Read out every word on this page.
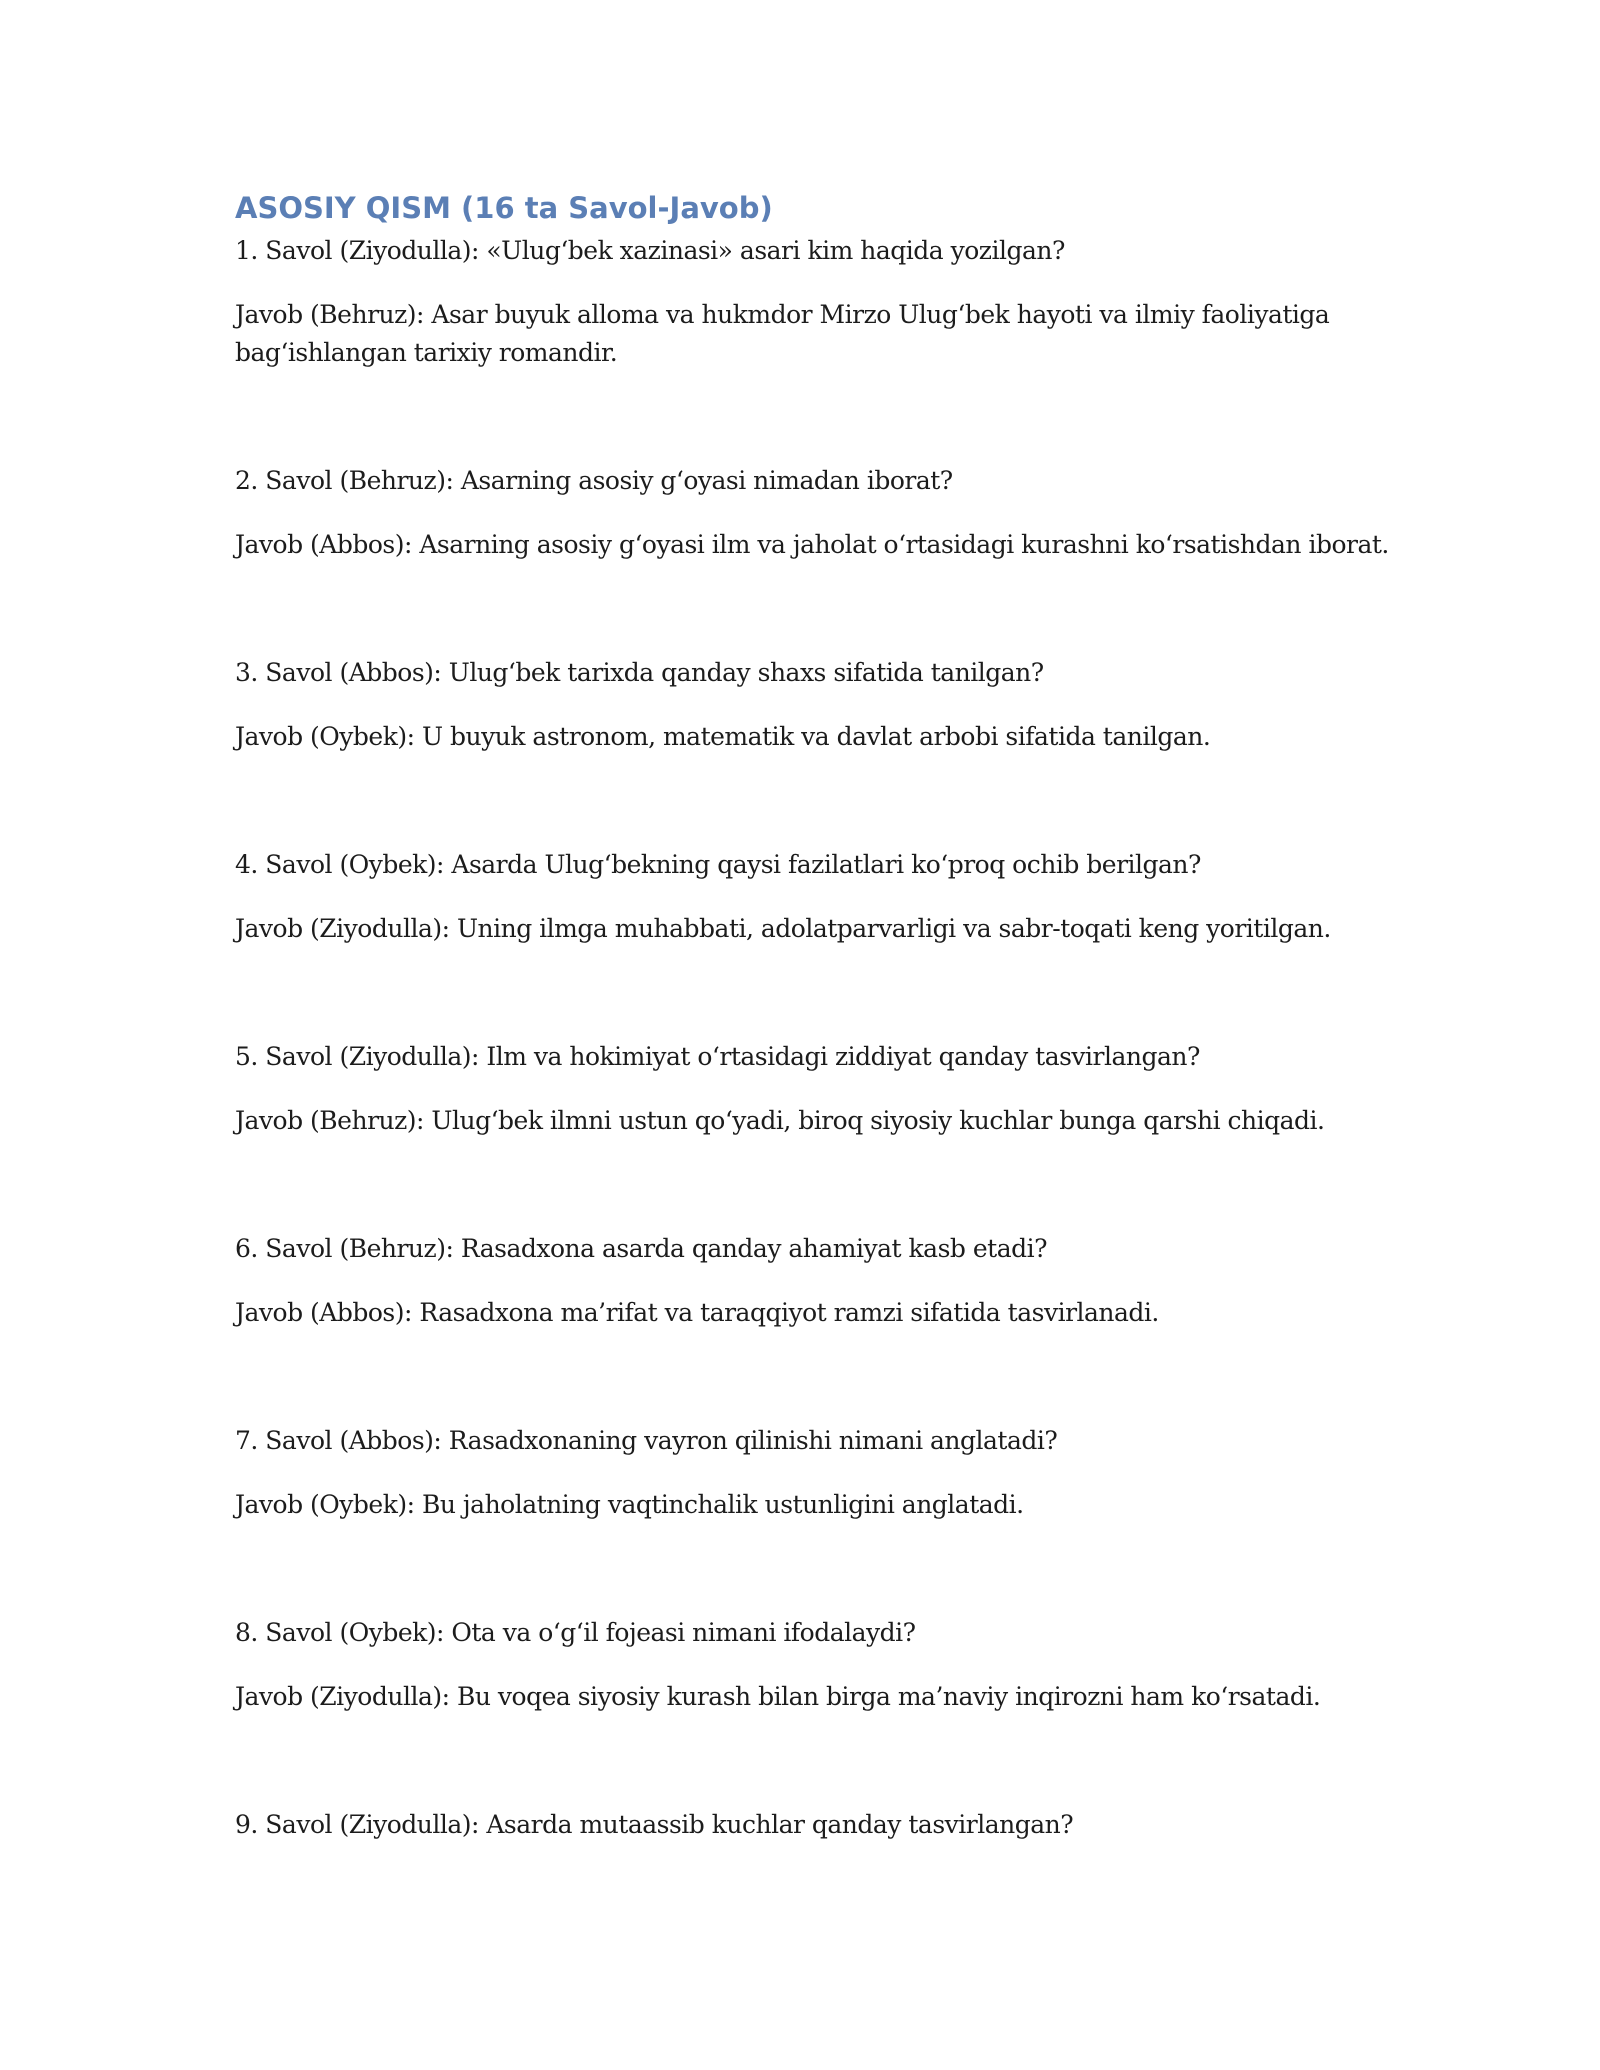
ASOSIY QISM (16 ta Savol-Javob)

1. Savol (Ziyodulla): «Ulug‘bek xazinasi» asari kim haqida yozilgan?

Javob (Behruz): Asar buyuk alloma va hukmdor Mirzo Ulug‘bek hayoti va ilmiy faoliyatiga

bag‘ishlangan tarixiy romandir.

2. Savol (Behruz): Asarning asosiy g‘oyasi nimadan iborat?

Javob (Abbos): Asarning asosiy g‘oyasi ilm va jaholat o‘rtasidagi kurashni ko‘rsatishdan iborat.

3. Savol (Abbos): Ulug‘bek tarixda qanday shaxs sifatida tanilgan?

Javob (Oybek): U buyuk astronom, matematik va davlat arbobi sifatida tanilgan.

4. Savol (Oybek): Asarda Ulug‘bekning qaysi fazilatlari ko‘proq ochib berilgan?

Javob (Ziyodulla): Uning ilmga muhabbati, adolatparvarligi va sabr-toqati keng yoritilgan.

5. Savol (Ziyodulla): Ilm va hokimiyat o‘rtasidagi ziddiyat qanday tasvirlangan?

Javob (Behruz): Ulug‘bek ilmni ustun qo‘yadi, biroq siyosiy kuchlar bunga qarshi chiqadi.

6. Savol (Behruz): Rasadxona asarda qanday ahamiyat kasb etadi?

Javob (Abbos): Rasadxona ma’rifat va taraqqiyot ramzi sifatida tasvirlanadi.

7. Savol (Abbos): Rasadxonaning vayron qilinishi nimani anglatadi?

Javob (Oybek): Bu jaholatning vaqtinchalik ustunligini anglatadi.

8. Savol (Oybek): Ota va o‘g‘il fojeasi nimani ifodalaydi?

Javob (Ziyodulla): Bu voqea siyosiy kurash bilan birga ma’naviy inqirozni ham ko‘rsatadi.

9. Savol (Ziyodulla): Asarda mutaassib kuchlar qanday tasvirlangan?
